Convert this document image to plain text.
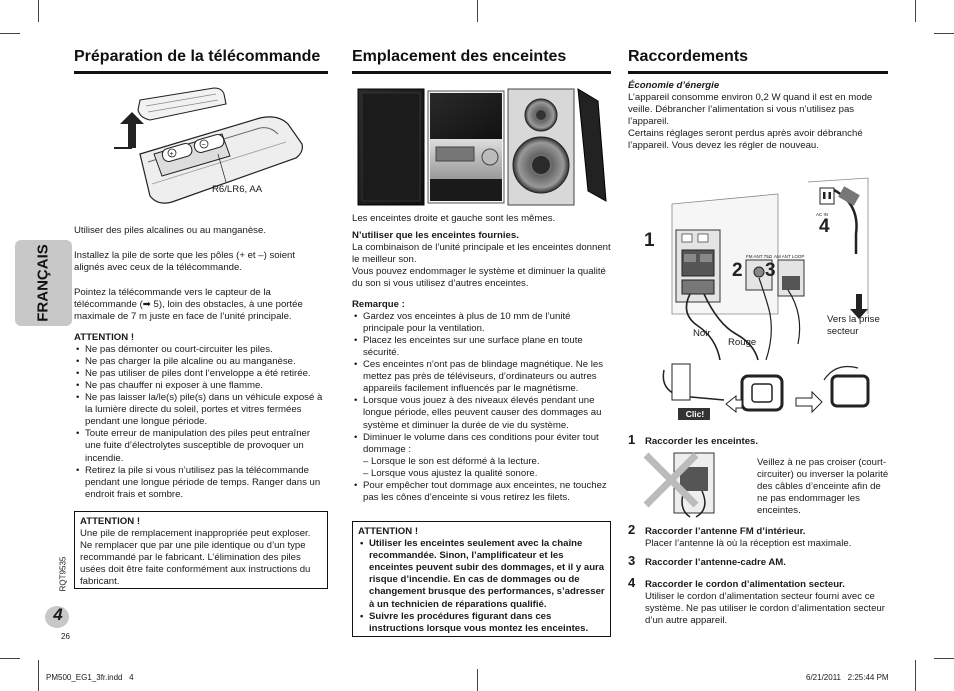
FRANÇAIS
RQT9535
4
26
Préparation de la télécommande
+
−
R6/LR6, AA

Utiliser des piles alcalines ou au manganèse.

Installez la pile de sorte que les pôles (+ et –) soient alignés avec ceux de la télécommande.

Pointez la télécommande vers le capteur de la télécommande (➡ 5), loin des obstacles, à une portée maximale de 7 m juste en face de l’unité principale.

ATTENTION !

• Ne pas démonter ou court-circuiter les piles.
• Ne pas charger la pile alcaline ou au manganèse.
• Ne pas utiliser de piles dont l’enveloppe a été retirée.
• Ne pas chauffer ni exposer à une flamme.
• Ne pas laisser la/le(s) pile(s) dans un véhicule exposé à la lumière directe du soleil, portes et vitres fermées pendant une longue période.
• Toute erreur de manipulation des piles peut entraîner une fuite d’électrolytes susceptible de provoquer un incendie.
• Retirez la pile si vous n’utilisez pas la télécommande pendant une longue période de temps. Ranger dans un endroit frais et sombre.
ATTENTION !
Une pile de remplacement inappropriée peut exploser. Ne remplacer que par une pile identique ou d’un type recommandé par le fabricant. L’élimination des piles usées doit être faite conformément aux instructions du fabricant.
Emplacement des enceintes

Les enceintes droite et gauche sont les mêmes.

N’utiliser que les enceintes fournies.

La combinaison de l’unité principale et les enceintes donnent le meilleur son.

Vous pouvez endommager le système et diminuer la qualité du son si vous utilisez d’autres enceintes.

Remarque :

• Gardez vos enceintes à plus de 10 mm de l’unité principale pour la ventilation.
• Placez les enceintes sur une surface plane en toute sécurité.
• Ces enceintes n’ont pas de blindage magnétique. Ne les mettez pas près de téléviseurs, d’ordinateurs ou autres appareils facilement influencés par le magnétisme.
• Lorsque vous jouez à des niveaux élevés pendant une longue période, elles peuvent causer des dommages au système et diminuer la durée de vie du système.
• Diminuer le volume dans ces conditions pour éviter tout dommage :
– Lorsque le son est déformé à la lecture.
– Lorsque vous ajustez la qualité sonore.
• Pour empêcher tout dommage aux enceintes, ne touchez pas les cônes d’enceinte si vous retirez les filets.
ATTENTION !
• Utiliser les enceintes seulement avec la chaîne recommandée. Sinon, l’amplificateur et les enceintes peuvent subir des dommages, et il y aura risque d’incendie. En cas de dommages ou de changement brusque des performances, s’adresser à un technicien de réparations qualifié.
• Suivre les procédures figurant dans ces instructions lorsque vous montez les enceintes.
Raccordements

Économie d’énergie

L’appareil consomme environ 0,2 W quand il est en mode veille. Débrancher l’alimentation si vous n’utilisez pas l’appareil.

Certains réglages seront perdus après avoir débranché l’appareil. Vous devez les régler de nouveau.

1
2 3
4
AM ANT LOOP
FM ANT 75Ω
AC IN
Vers la prise secteur
Noir
Rouge
Clic!
1 Raccorder les enceintes.
Veillez à ne pas croiser (court-circuiter) ou inverser la polarité des câbles d’enceinte afin de ne pas endommager les enceintes.
2 Raccorder l’antenne FM d’intérieur.
Placer l’antenne là où la réception est maximale.
3 Raccorder l’antenne-cadre AM.
4 Raccorder le cordon d’alimentation secteur.
Utiliser le cordon d’alimentation secteur fourni avec ce système. Ne pas utiliser le cordon d’alimentation secteur d’un autre appareil.
PM500_EG1_3fr.indd   4	6/21/2011   2:25:44 PM
